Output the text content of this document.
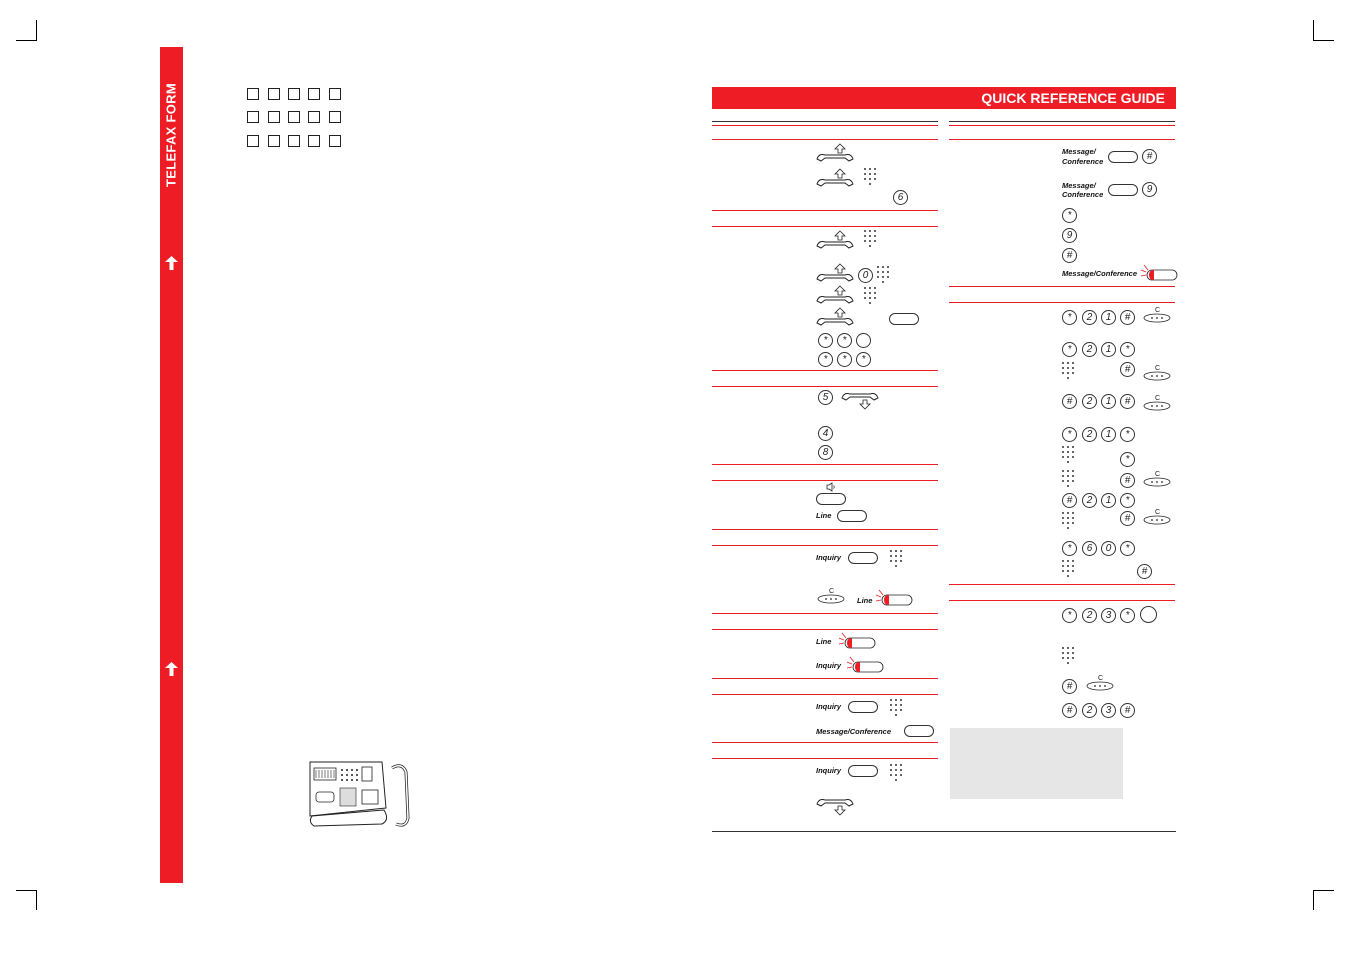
TELEFAX FORM	QUICK REFERENCE GUIDE
6
0
*	*
*	*	*
5
4
8
Line
Inquiry
C
Line
Line
Inquiry
Inquiry
Message/Conference
Inquiry
Message/
Conference	#
Message/
Conference	9
*
9
#
Message/Conference
*	2	1	#
C
*	2	1	*
#	C
#	2	1	#	C
*	2	1	*
*
#
C
#	2	1	*
#
C
*	6	0	*
#
*	2	3	*
#
C
#	2	3	#
